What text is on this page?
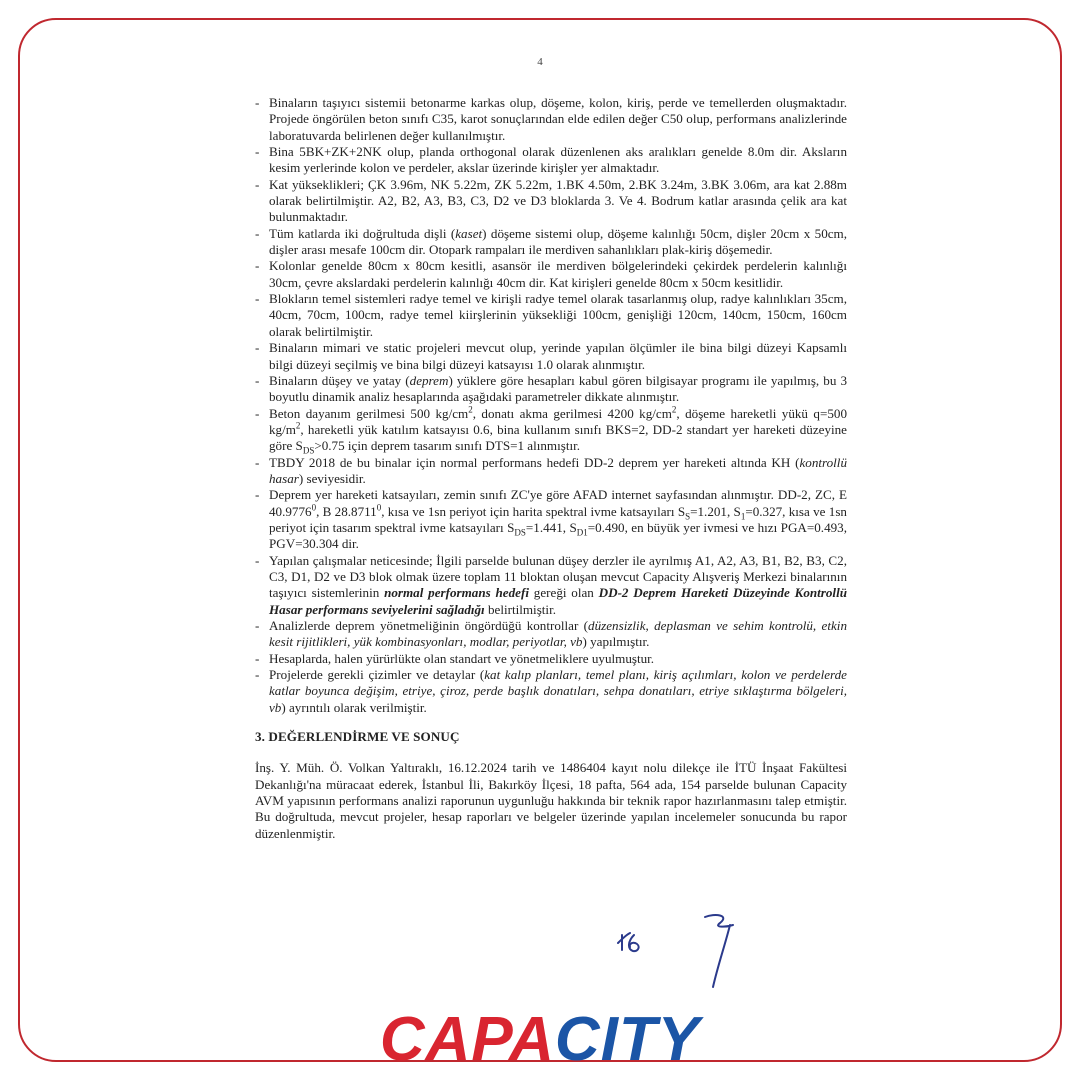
4
- Binaların taşıyıcı sistemii betonarme karkas olup, döşeme, kolon, kiriş, perde ve temellerden oluşmaktadır. Projede öngörülen beton sınıfı C35, karot sonuçlarından elde edilen değer C50 olup, performans analizlerinde laboratuvarda belirlenen değer kullanılmıştır.
- Bina 5BK+ZK+2NK olup, planda orthogonal olarak düzenlenen aks aralıkları genelde 8.0m dir. Aksların kesim yerlerinde kolon ve perdeler, akslar üzerinde kirişler yer almaktadır.
- Kat yükseklikleri; ÇK 3.96m, NK 5.22m, ZK 5.22m, 1.BK 4.50m, 2.BK 3.24m, 3.BK 3.06m, ara kat 2.88m olarak belirtilmiştir. A2, B2, A3, B3, C3, D2 ve D3 bloklarda 3. Ve 4. Bodrum katlar arasında çelik ara kat bulunmaktadır.
- Tüm katlarda iki doğrultuda dişli (kaset) döşeme sistemi olup, döşeme kalınlığı 50cm, dişler 20cm x 50cm, dişler arası mesafe 100cm dir. Otopark rampaları ile merdiven sahanlıkları plak-kiriş döşemedir.
- Kolonlar genelde 80cm x 80cm kesitli, asansör ile merdiven bölgelerindeki çekirdek perdelerin kalınlığı 30cm, çevre akslardaki perdelerin kalınlığı 40cm dir. Kat kirişleri genelde 80cm x 50cm kesitlidir.
- Blokların temel sistemleri radye temel ve kirişli radye temel olarak tasarlanmış olup, radye kalınlıkları 35cm, 40cm, 70cm, 100cm, radye temel kiirşlerinin yüksekliği 100cm, genişliği 120cm, 140cm, 150cm, 160cm olarak belirtilmiştir.
- Binaların mimari ve static projeleri mevcut olup, yerinde yapılan ölçümler ile bina bilgi düzeyi Kapsamlı bilgi düzeyi seçilmiş ve bina bilgi düzeyi katsayısı 1.0 olarak alınmıştır.
- Binaların düşey ve yatay (deprem) yüklere göre hesapları kabul gören bilgisayar programı ile yapılmış, bu 3 boyutlu dinamik analiz hesaplarında aşağıdaki parametreler dikkate alınmıştır.
- Beton dayanım gerilmesi 500 $kg/cm^2$, donatı akma gerilmesi 4200 $kg/cm^2$, döşeme hareketli yükü q=500 $kg/m^2$, hareketli yük katılım katsayısı 0.6, bina kullanım sınıfı BKS=2, DD-2 standart yer hareketi düzeyine göre $S_{DS}>0.75$ için deprem tasarım sınıfı DTS=1 alınmıştır.
- TBDY 2018 de bu binalar için normal performans hedefi DD-2 deprem yer hareketi altında KH (kontrollü hasar) seviyesidir.
- Deprem yer hareketi katsayıları, zemin sınıfı ZC'ye göre AFAD internet sayfasından alınmıştır. DD-2, ZC, E 40.9776$^0$, B 28.8711$^0$, kısa ve 1sn periyot için harita spektral ivme katsayıları $S_S=1.201$, $S_1=0.327$, kısa ve 1sn periyot için tasarım spektral ivme katsayıları $S_{DS}=1.441$, $S_{D1}=0.490$, en büyük yer ivmesi ve hızı PGA=0.493, PGV=30.304 dir.
- Yapılan çalışmalar neticesinde; İlgili parselde bulunan düşey derzler ile ayrılmış A1, A2, A3, B1, B2, B3, C2, C3, D1, D2 ve D3 blok olmak üzere toplam 11 bloktan oluşan mevcut Capacity Alışveriş Merkezi binalarının taşıyıcı sistemlerinin normal performans hedefi gereği olan DD-2 Deprem Hareketi Düzeyinde Kontrollü Hasar performans seviyelerini sağladığı belirtilmiştir.
- Analizlerde deprem yönetmeliğinin öngördüğü kontrollar (düzensizlik, deplasman ve sehim kontrolü, etkin kesit rijitlikleri, yük kombinasyonları, modlar, periyotlar, vb) yapılmıştır.
- Hesaplarda, halen yürürlükte olan standart ve yönetmeliklere uyulmuştur.
- Projelerde gerekli çizimler ve detaylar (kat kalıp planları, temel planı, kiriş açılımları, kolon ve perdelerde katlar boyunca değişim, etriye, çiroz, perde başlık donatıları, sehpa donatıları, etriye sıklaştırma bölgeleri, vb) ayrıntılı olarak verilmiştir.
3. DEĞERLENDİRME VE SONUÇ

İnş. Y. Müh. Ö. Volkan Yaltıraklı, 16.12.2024 tarih ve 1486404 kayıt nolu dilekçe ile İTÜ İnşaat Fakültesi Dekanlığı'na müracaat ederek, İstanbul İli, Bakırköy İlçesi, 18 pafta, 564 ada, 154 parselde bulunan Capacity AVM yapısının performans analizi raporunun uygunluğu hakkında bir teknik rapor hazırlanmasını talep etmiştir. Bu doğrultuda, mevcut projeler, hesap raporları ve belgeler üzerinde yapılan incelemeler sonucunda bu rapor düzenlenmiştir.

CAPACITY
